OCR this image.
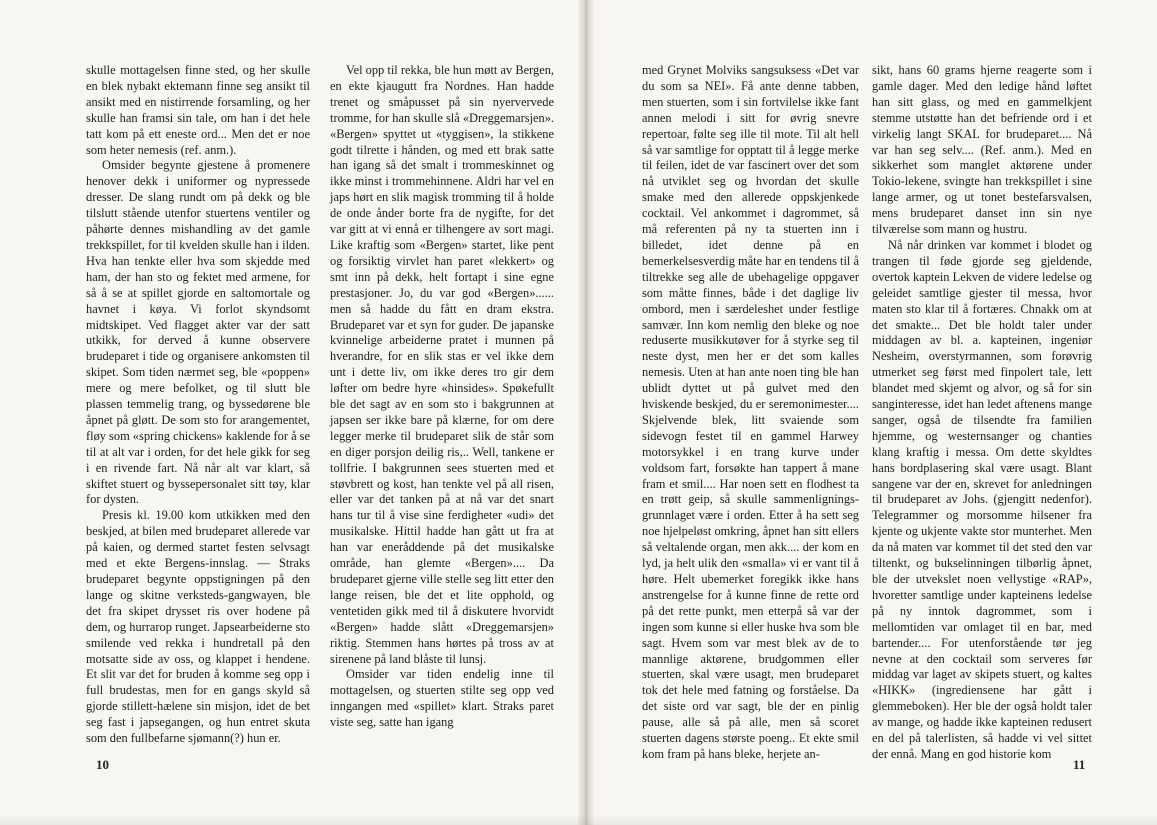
skulle mottagelsen finne sted, og her skulle en blek nybakt ektemann finne seg ansikt til ansikt med en nistirrende forsamling, og her skulle han framsi sin tale, om han i det hele tatt kom på ett eneste ord... Men det er noe som heter nemesis (ref. anm.).

Omsider begynte gjestene å promenere henover dekk i uniformer og nypressede dresser. De slang rundt om på dekk og ble tilslutt stående utenfor stuertens ventiler og påhørte dennes mishandling av det gamle trekkspillet, for til kvelden skulle han i ilden. Hva han tenkte eller hva som skjedde med ham, der han sto og fektet med armene, for så å se at spillet gjorde en saltomortale og havnet i køya. Vi forlot skyndsomt midtskipet. Ved flagget akter var der satt utkikk, for derved å kunne observere brudeparet i tide og organisere ankomsten til skipet. Som tiden nærmet seg, ble «poppen» mere og mere befolket, og til slutt ble plassen temmelig trang, og byssedørene ble åpnet på gløtt. De som sto for arangementet, fløy som «spring chickens» kaklende for å se til at alt var i orden, for det hele gikk for seg i en rivende fart. Nå når alt var klart, så skiftet stuert og byssepersonalet sitt tøy, klar for dysten.

Presis kl. 19.00 kom utkikken med den beskjed, at bilen med brudeparet allerede var på kaien, og dermed startet festen selvsagt med et ekte Bergens-innslag. — Straks brudeparet begynte oppstigningen på den lange og skitne verksteds-gangwayen, ble det fra skipet drysset ris over hodene på dem, og hurrarop runget. Japsearbeiderne sto smilende ved rekka i hundretall på den motsatte side av oss, og klappet i hendene. Et slit var det for bruden å komme seg opp i full brudestas, men for en gangs skyld så gjorde stillett-hælene sin misjon, idet de bet seg fast i japsegangen, og hun entret skuta som den fullbefarne sjømann(?) hun er.

Vel opp til rekka, ble hun møtt av Bergen, en ekte kjaugutt fra Nordnes. Han hadde trenet og småpusset på sin nyervervede tromme, for han skulle slå «Dreggemarsjen». «Bergen» spyttet ut «tyggisen», la stikkene godt tilrette i hånden, og med ett brak satte han igang så det smalt i trommeskinnet og ikke minst i trommehinnene. Aldri har vel en japs hørt en slik magisk tromming til å holde de onde ånder borte fra de nygifte, for det var gitt at vi ennå er tilhengere av sort magi. Like kraftig som «Bergen» startet, like pent og forsiktig virvlet han paret «lekkert» og smt inn på dekk, helt fortapt i sine egne prestasjoner. Jo, du var god «Bergen»...... men så hadde du fått en dram ekstra. Brudeparet var et syn for guder. De japanske kvinnelige arbeiderne pratet i munnen på hverandre, for en slik stas er vel ikke dem unt i dette liv, om ikke deres tro gir dem løfter om bedre hyre «hinsides». Spøkefullt ble det sagt av en som sto i bakgrunnen at japsen ser ikke bare på klærne, for om dere legger merke til brudeparet slik de står som en diger porsjon deilig ris,.. Well, tankene er tollfrie. I bakgrunnen sees stuerten med et støvbrett og kost, han tenkte vel på all risen, eller var det tanken på at nå var det snart hans tur til å vise sine ferdigheter «udi» det musikalske. Hittil hadde han gått ut fra at han var eneråddende på det musikalske område, han glemte «Bergen».... Da brudeparet gjerne ville stelle seg litt etter den lange reisen, ble det et lite opphold, og ventetiden gikk med til å diskutere hvorvidt «Bergen» hadde slått «Dreggemarsjen» riktig. Stemmen hans hørtes på tross av at sirenene på land blåste til lunsj.

Omsider var tiden endelig inne til mottagelsen, og stuerten stilte seg opp ved inngangen med «spillet» klart. Straks paret viste seg, satte han igang

10

med Grynet Molviks sangsuksess «Det var du som sa NEI». Få ante denne tabben, men stuerten, som i sin fortvilelse ikke fant annen melodi i sitt for øvrig snevre repertoar, følte seg ille til mote. Til alt hell så var samtlige for opptatt til å legge merke til feilen, idet de var fascinert over det som nå utviklet seg og hvordan det skulle smake med den allerede oppskjenkede cocktail. Vel ankommet i dagrommet, så må referenten på ny ta stuerten inn i billedet, idet denne på en bemerkelsesverdig måte har en tendens til å tiltrekke seg alle de ubehagelige oppgaver som måtte finnes, både i det daglige liv ombord, men i særdeleshet under festlige samvær. Inn kom nemlig den bleke og noe reduserte musikkutøver for å styrke seg til neste dyst, men her er det som kalles nemesis. Uten at han ante noen ting ble han ublidt dyttet ut på gulvet med den hviskende beskjed, du er seremonimester.... Skjelvende blek, litt svaiende som sidevogn festet til en gammel Harwey motorsykkel i en trang kurve under voldsom fart, forsøkte han tappert å mane fram et smil.... Har noen sett en flodhest ta en trøtt geip, så skulle sammenlignings-grunnlaget være i orden. Etter å ha sett seg noe hjelpeløst omkring, åpnet han sitt ellers så veltalende organ, men akk.... der kom en lyd, ja helt ulik den «smalla» vi er vant til å høre. Helt ubemerket foregikk ikke hans anstrengelse for å kunne finne de rette ord på det rette punkt, men etterpå så var der ingen som kunne si eller huske hva som ble sagt. Hvem som var mest blek av de to mannlige aktørene, brudgommen eller stuerten, skal være usagt, men brudeparet tok det hele med fatning og forståelse. Da det siste ord var sagt, ble der en pinlig pause, alle så på alle, men så scoret stuerten dagens største poeng.. Et ekte smil kom fram på hans bleke, herjete an-

sikt, hans 60 grams hjerne reagerte som i gamle dager. Med den ledige hånd løftet han sitt glass, og med en gammelkjent stemme utstøtte han det befriende ord i et virkelig langt SKAL for brudeparet.... Nå var han seg selv.... (Ref. anm.). Med en sikkerhet som manglet aktørene under Tokio-lekene, svingte han trekkspillet i sine lange armer, og ut tonet bestefarsvalsen, mens brudeparet danset inn sin nye tilværelse som mann og hustru.

Nå når drinken var kommet i blodet og trangen til føde gjorde seg gjeldende, overtok kaptein Lekven de videre ledelse og geleidet samtlige gjester til messa, hvor maten sto klar til å fortæres. Chnakk om at det smakte... Det ble holdt taler under middagen av bl. a. kapteinen, ingeniør Nesheim, overstyrmannen, som forøvrig utmerket seg først med finpolert tale, lett blandet med skjemt og alvor, og så for sin sanginteresse, idet han ledet aftenens mange sanger, også de tilsendte fra familien hjemme, og westernsanger og chanties klang kraftig i messa. Om dette skyldtes hans bordplasering skal være usagt. Blant sangene var der en, skrevet for anledningen til brudeparet av Johs. (gjengitt nedenfor). Telegrammer og morsomme hilsener fra kjente og ukjente vakte stor munterhet. Men da nå maten var kommet til det sted den var tiltenkt, og bukselinningen tilbørlig åpnet, ble der utvekslet noen vellystige «RAP», hvoretter samtlige under kapteinens ledelse på ny inntok dagrommet, som i mellomtiden var omlaget til en bar, med bartender.... For utenforstående tør jeg nevne at den cocktail som serveres før middag var laget av skipets stuert, og kaltes «HIKK» (ingrediensene har gått i glemmeboken). Her ble der også holdt taler av mange, og hadde ikke kapteinen redusert en del på talerlisten, så hadde vi vel sittet der ennå. Mang en god historie kom

11
